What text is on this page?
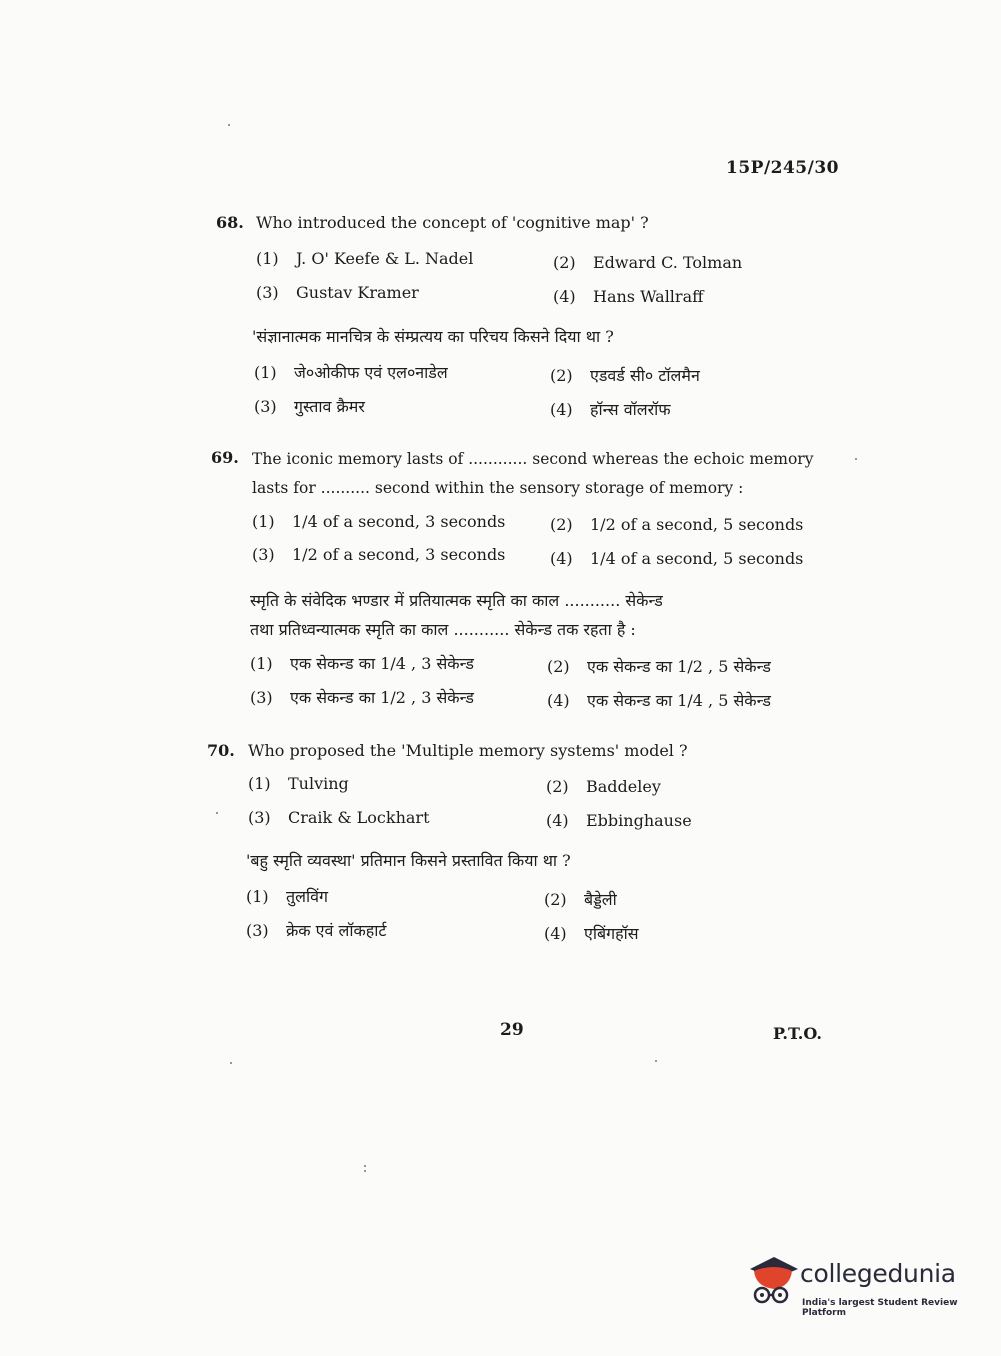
15P/245/30
68. Who introduced the concept of 'cognitive map' ?
(1) J. O' Keefe & L. Nadel	(2) Edward C. Tolman
(3) Gustav Kramer	(4) Hans Wallraff
'संज्ञानात्मक मानचित्र के संम्प्रत्यय का परिचय किसने दिया था ?
(1) जे०ओकीफ एवं एल०नाडेल	(2) एडवर्ड सी० टॉलमैन
(3) गुस्ताव क्रैमर	(4) हॉन्स वॉलरॉफ
69. The iconic memory lasts of ............ second whereas the echoic memory
lasts for .......... second within the sensory storage of memory :
(1) 1/4 of a second, 3 seconds	(2) 1/2 of a second, 5 seconds
(3) 1/2 of a second, 3 seconds	(4) 1/4 of a second, 5 seconds
स्मृति के संवेदिक भण्डार में प्रतियात्मक स्मृति का काल ........... सेकेन्ड
तथा प्रतिध्वन्यात्मक स्मृति का काल ........... सेकेन्ड तक रहता है :
(1) एक सेकन्ड का 1/4 , 3 सेकेन्ड	(2) एक सेकन्ड का 1/2 , 5 सेकेन्ड
(3) एक सेकन्ड का 1/2 , 3 सेकेन्ड	(4) एक सेकन्ड का 1/4 , 5 सेकेन्ड
70. Who proposed the 'Multiple memory systems' model ?
(1) Tulving	(2) Baddeley
(3) Craik & Lockhart	(4) Ebbinghause
'बहु स्मृति व्यवस्था' प्रतिमान किसने प्रस्तावित किया था ?
(1) तुलविंग	(2) बैड्डेली
(3) क्रेक एवं लॉकहार्ट	(4) एबिंगहॉस
29	P.T.O.
collegedunia
India's largest Student Review Platform
